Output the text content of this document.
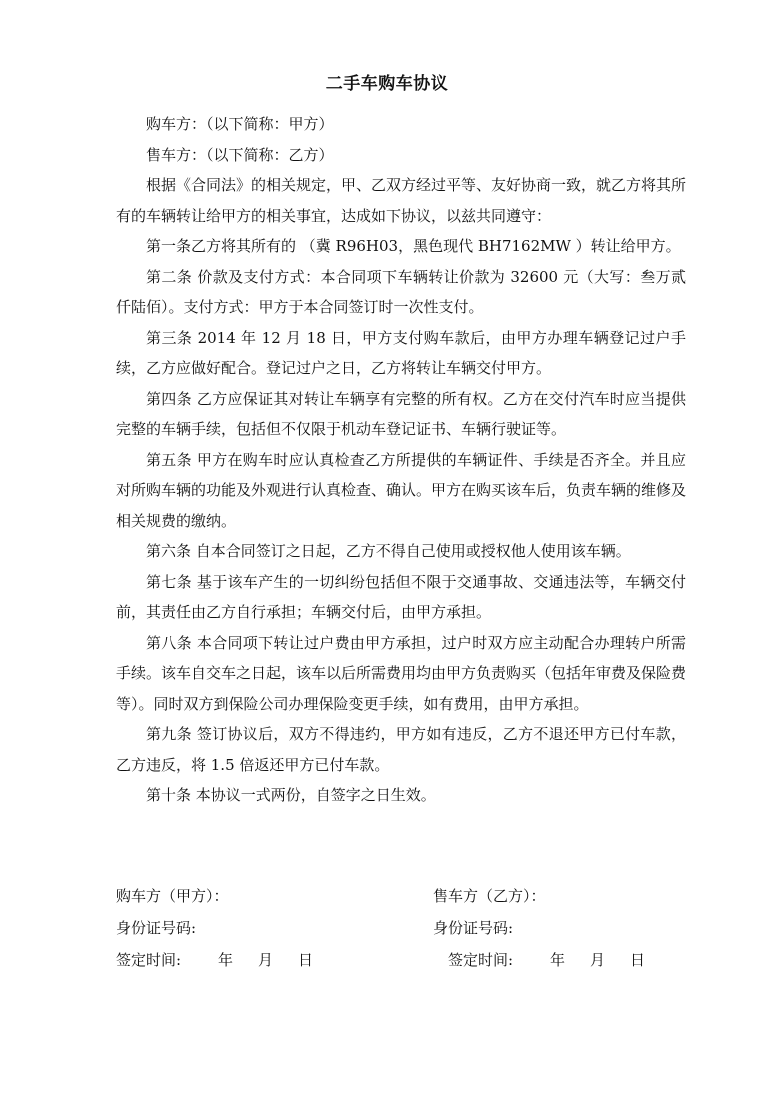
二手车购车协议

购车方：（以下简称：甲方）

售车方：（以下简称：乙方）

根据《合同法》的相关规定，甲、乙双方经过平等、友好协商一致，就乙方将其所有的车辆转让给甲方的相关事宜，达成如下协议，以兹共同遵守：

第一条乙方将其所有的 （冀 R96H03，黑色现代 BH7162MW ）转让给甲方。

第二条 价款及支付方式：本合同项下车辆转让价款为 32600 元（大写：叁万贰仟陆佰）。支付方式：甲方于本合同签订时一次性支付。

第三条 2014 年 12 月 18 日，甲方支付购车款后，由甲方办理车辆登记过户手续，乙方应做好配合。登记过户之日，乙方将转让车辆交付甲方。

第四条 乙方应保证其对转让车辆享有完整的所有权。乙方在交付汽车时应当提供完整的车辆手续，包括但不仅限于机动车登记证书、车辆行驶证等。

第五条 甲方在购车时应认真检查乙方所提供的车辆证件、手续是否齐全。并且应对所购车辆的功能及外观进行认真检查、确认。甲方在购买该车后，负责车辆的维修及相关规费的缴纳。

第六条 自本合同签订之日起，乙方不得自己使用或授权他人使用该车辆。

第七条 基于该车产生的一切纠纷包括但不限于交通事故、交通违法等，车辆交付前，其责任由乙方自行承担；车辆交付后，由甲方承担。

第八条 本合同项下转让过户费由甲方承担，过户时双方应主动配合办理转户所需手续。该车自交车之日起，该车以后所需费用均由甲方负责购买（包括年审费及保险费等）。同时双方到保险公司办理保险变更手续，如有费用，由甲方承担。

第九条 签订协议后，双方不得违约，甲方如有违反，乙方不退还甲方已付车款，乙方违反，将 1.5 倍返还甲方已付车款。

第十条 本协议一式两份，自签字之日生效。

购车方（甲方）：	售车方（乙方）：
身份证号码:	身份证号码:
签定时间: 年 月 日	签定时间: 年 月 日
